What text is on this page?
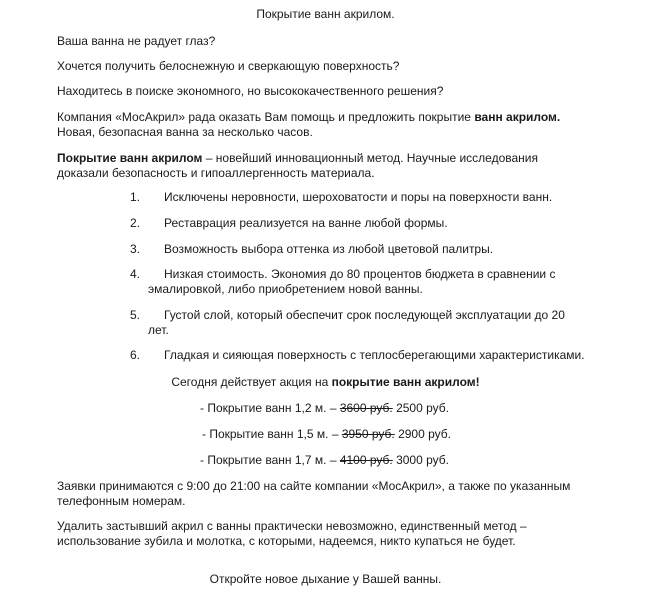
Покрытие ванн акрилом.
Ваша ванна не радует глаз?
Хочется получить белоснежную и сверкающую поверхность?
Находитесь в поиске экономного, но высококачественного решения?
Компания «МосАкрил» рада оказать Вам помощь и предложить покрытие ванн акрилом.
Новая, безопасная ванна за несколько часов.
Покрытие ванн акрилом – новейший инновационный метод. Научные исследования
доказали безопасность и гипоаллергенность материала.
1. Исключены неровности, шероховатости и поры на поверхности ванн.
2. Реставрация реализуется на ванне любой формы.
3. Возможность выбора оттенка из любой цветовой палитры.
4. Низкая стоимость. Экономия до 80 процентов бюджета в сравнении с
эмалировкой, либо приобретением новой ванны.
5. Густой слой, который обеспечит срок последующей эксплуатации до 20
лет.
6. Гладкая и сияющая поверхность с теплосберегающими характеристиками.
Сегодня действует акция на покрытие ванн акрилом!
- Покрытие ванн 1,2 м. – 3600 руб. 2500 руб.
- Покрытие ванн 1,5 м. – 3950 руб. 2900 руб.
- Покрытие ванн 1,7 м. – 4100 руб. 3000 руб.
Заявки принимаются с 9:00 до 21:00 на сайте компании «МосАкрил», а также по указанным
телефонным номерам.
Удалить застывший акрил с ванны практически невозможно, единственный метод –
использование зубила и молотка, с которыми, надеемся, никто купаться не будет.
Откройте новое дыхание у Вашей ванны.
